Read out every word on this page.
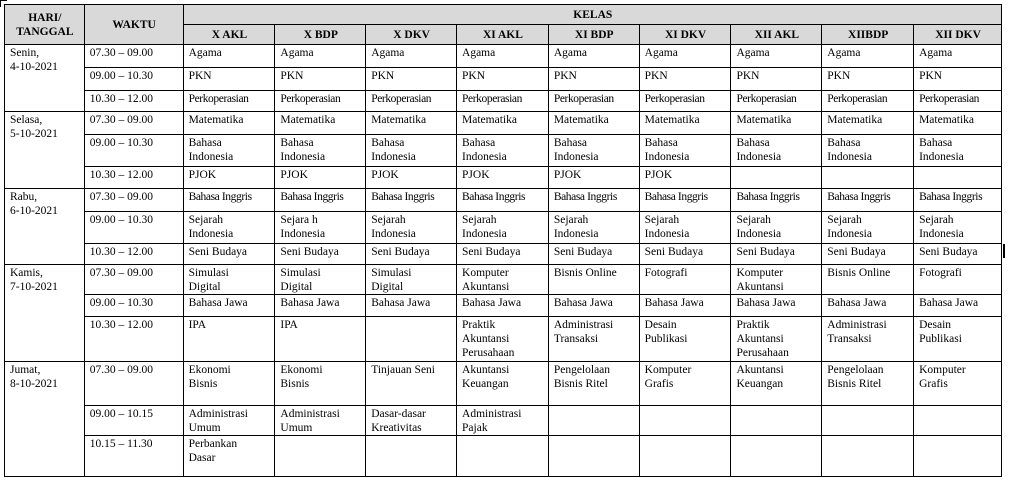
HARI/
TANGGAL	WAKTU	KELAS								
		X AKL	X BDP	X DKV	XI AKL	XI BDP	XI DKV	XII AKL	XIIBDP	XII DKV

Senin,
4-10-2021	07.30 – 09.00	Agama	Agama	Agama	Agama	Agama	Agama	Agama	Agama	Agama
	09.00 – 10.30	PKN	PKN	PKN	PKN	PKN	PKN	PKN	PKN	PKN
	10.30 – 12.00	Perkoperasian	Perkoperasian	Perkoperasian	Perkoperasian	Perkoperasian	Perkoperasian	Perkoperasian	Perkoperasian	Perkoperasian

Selasa,
5-10-2021	07.30 – 09.00	Matematika	Matematika	Matematika	Matematika	Matematika	Matematika	Matematika	Matematika	Matematika
	09.00 – 10.30	Bahasa
Indonesia	Bahasa
Indonesia	Bahasa
Indonesia	Bahasa
Indonesia	Bahasa
Indonesia	Bahasa
Indonesia	Bahasa
Indonesia	Bahasa
Indonesia	Bahasa
Indonesia

	10.30 – 12.00	PJOK	PJOK	PJOK	PJOK	PJOK	PJOK			

Rabu,
6-10-2021	07.30 – 09.00	Bahasa Inggris	Bahasa Inggris	Bahasa Inggris	Bahasa Inggris	Bahasa Inggris	Bahasa Inggris	Bahasa Inggris	Bahasa Inggris	Bahasa Inggris
	09.00 – 10.30	Sejarah
Indonesia	Sejara h
Indonesia	Sejarah
Indonesia	Sejarah
Indonesia	Sejarah
Indonesia	Sejarah
Indonesia	Sejarah
Indonesia	Sejarah
Indonesia	Sejarah
Indonesia

	10.30 – 12.00	Seni Budaya	Seni Budaya	Seni Budaya	Seni Budaya	Seni Budaya	Seni Budaya	Seni Budaya	Seni Budaya	Seni Budaya

Kamis,
7-10-2021	07.30 – 09.00	Simulasi
Digital	Simulasi
Digital	Simulasi
Digital	Komputer
Akuntansi	Bisnis Online	Fotografi	Komputer
Akuntansi	Bisnis Online	Fotografi
	09.00 – 10.30	Bahasa Jawa	Bahasa Jawa	Bahasa Jawa	Bahasa Jawa	Bahasa Jawa	Bahasa Jawa	Bahasa Jawa	Bahasa Jawa	Bahasa Jawa
	10.30 – 12.00	IPA	IPA		Praktik
Akuntansi
Perusahaan	Administrasi
Transaksi	Desain
Publikasi	Praktik
Akuntansi
Perusahaan	Administrasi
Transaksi	Desain
Publikasi

Jumat,
8-10-2021	07.30 – 09.00	Ekonomi
Bisnis	Ekonomi
Bisnis	Tinjauan Seni	Akuntansi
Keuangan	Pengelolaan
Bisnis Ritel	Komputer
Grafis	Akuntansi
Keuangan	Pengelolaan
Bisnis Ritel	Komputer
Grafis

	09.00 – 10.15	Administrasi
Umum	Administrasi
Umum	Dasar-dasar
Kreativitas	Administrasi
Pajak					

	10.15 – 11.30	Perbankan
Dasar								
